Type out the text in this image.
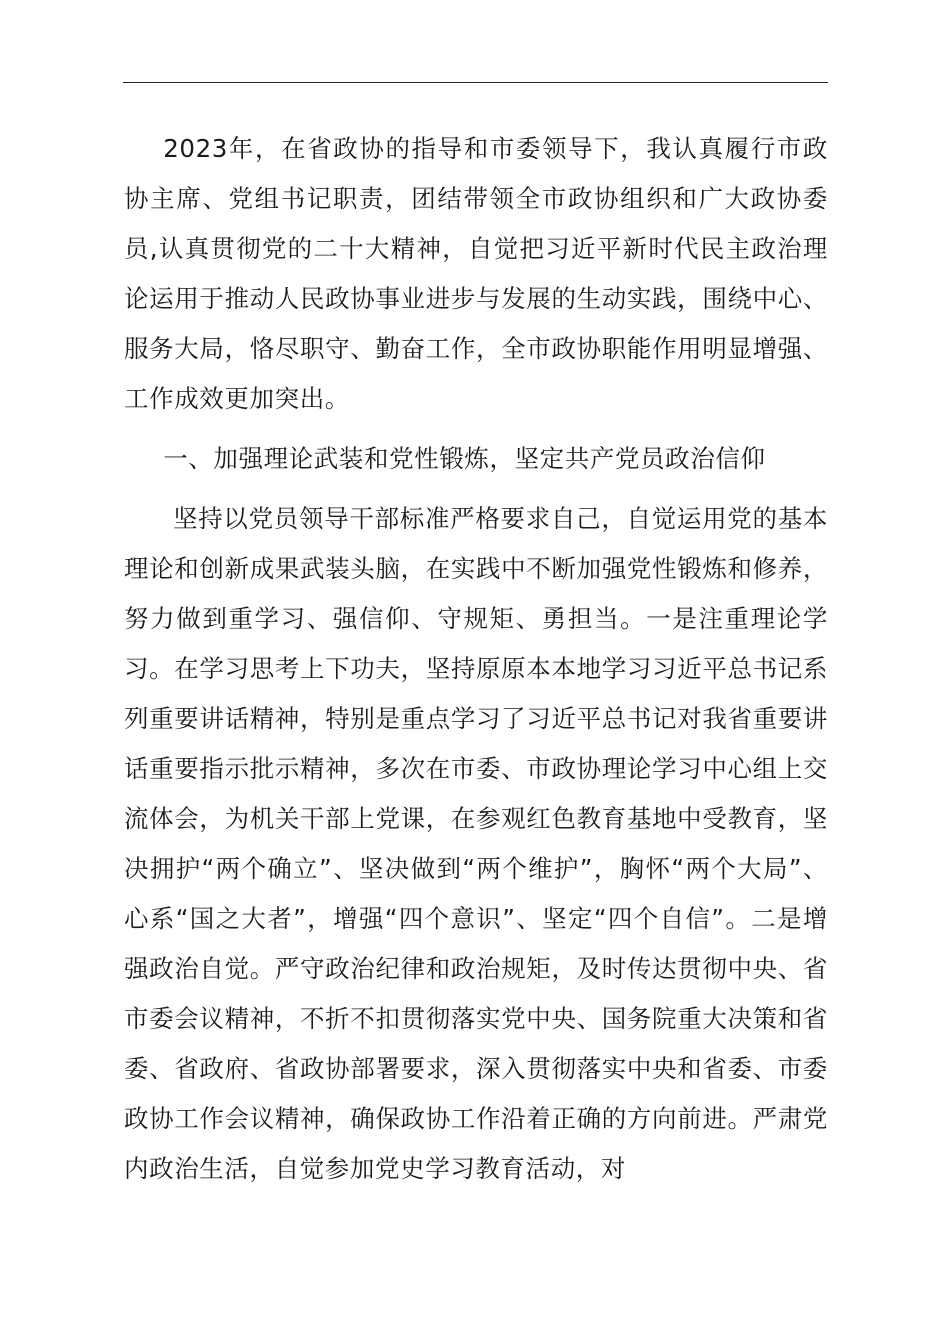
2023年，在省政协的指导和市委领导下，我认真履行市政协主席、党组书记职责，团结带领全市政协组织和广大政协委员,认真贯彻党的二十大精神，自觉把习近平新时代民主政治理论运用于推动人民政协事业进步与发展的生动实践，围绕中心、服务大局，恪尽职守、勤奋工作，全市政协职能作用明显增强、工作成效更加突出。

一、加强理论武装和党性锻炼，坚定共产党员政治信仰

坚持以党员领导干部标准严格要求自己，自觉运用党的基本理论和创新成果武装头脑，在实践中不断加强党性锻炼和修养，努力做到重学习、强信仰、守规矩、勇担当。一是注重理论学习。在学习思考上下功夫，坚持原原本本地学习习近平总书记系列重要讲话精神，特别是重点学习了习近平总书记对我省重要讲话重要指示批示精神，多次在市委、市政协理论学习中心组上交流体会，为机关干部上党课，在参观红色教育基地中受教育，坚决拥护“两个确立”、坚决做到“两个维护”，胸怀“两个大局”、心系“国之大者”，增强“四个意识”、坚定“四个自信”。二是增强政治自觉。严守政治纪律和政治规矩，及时传达贯彻中央、省市委会议精神，不折不扣贯彻落实党中央、国务院重大决策和省委、省政府、省政协部署要求，深入贯彻落实中央和省委、市委政协工作会议精神，确保政协工作沿着正确的方向前进。严肃党内政治生活，自觉参加党史学习教育活动，对
